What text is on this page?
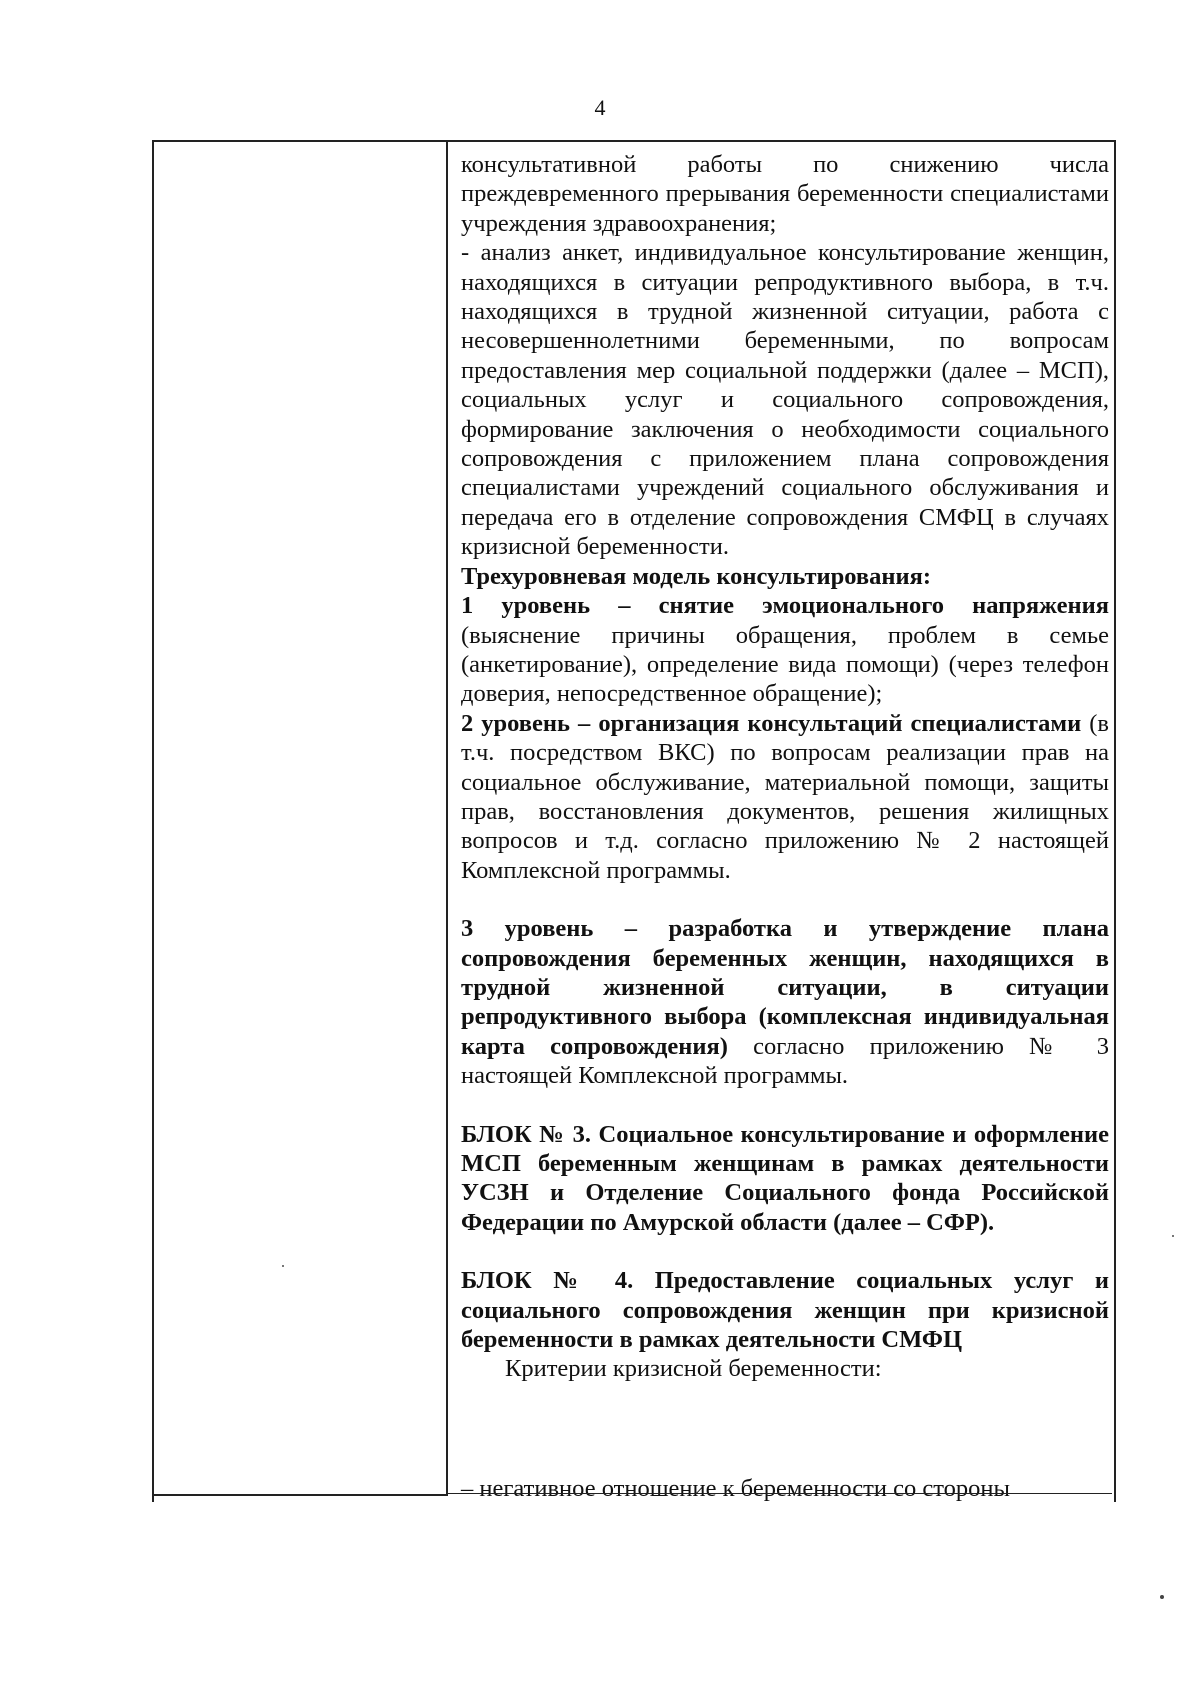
4

консультативной работы по снижению числа преждевременного прерывания беременности специалистами учреждения здравоохранения;

- анализ анкет, индивидуальное консультирование женщин, находящихся в ситуации репродуктивного выбора, в т.ч. находящихся в трудной жизненной ситуации, работа с несовершеннолетними беременными, по вопросам предоставления мер социальной поддержки (далее – МСП), социальных услуг и социального сопровождения, формирование заключения о необходимости социального сопровождения с приложением плана сопровождения специалистами учреждений социального обслуживания и передача его в отделение сопровождения СМФЦ в случаях кризисной беременности.

Трехуровневая модель консультирования:

1 уровень – снятие эмоционального напряжения (выяснение причины обращения, проблем в семье (анкетирование), определение вида помощи) (через телефон доверия, непосредственное обращение);

2 уровень – организация консультаций специалистами (в т.ч. посредством ВКС) по вопросам реализации прав на социальное обслуживание, материальной помощи, защиты прав, восстановления документов, решения жилищных вопросов и т.д. согласно приложению № 2 настоящей Комплексной программы.

3 уровень – разработка и утверждение плана сопровождения беременных женщин, находящихся в трудной жизненной ситуации, в ситуации репродуктивного выбора (комплексная индивидуальная карта сопровождения) согласно приложению № 3 настоящей Комплексной программы.

БЛОК № 3. Социальное консультирование и оформление МСП беременным женщинам в рамках деятельности УСЗН и Отделение Социального фонда Российской Федерации по Амурской области (далее – СФР).

БЛОК № 4. Предоставление социальных услуг и социального сопровождения женщин при кризисной беременности в рамках деятельности СМФЦ

Критерии кризисной беременности:

– негативное отношение к беременности со стороны
